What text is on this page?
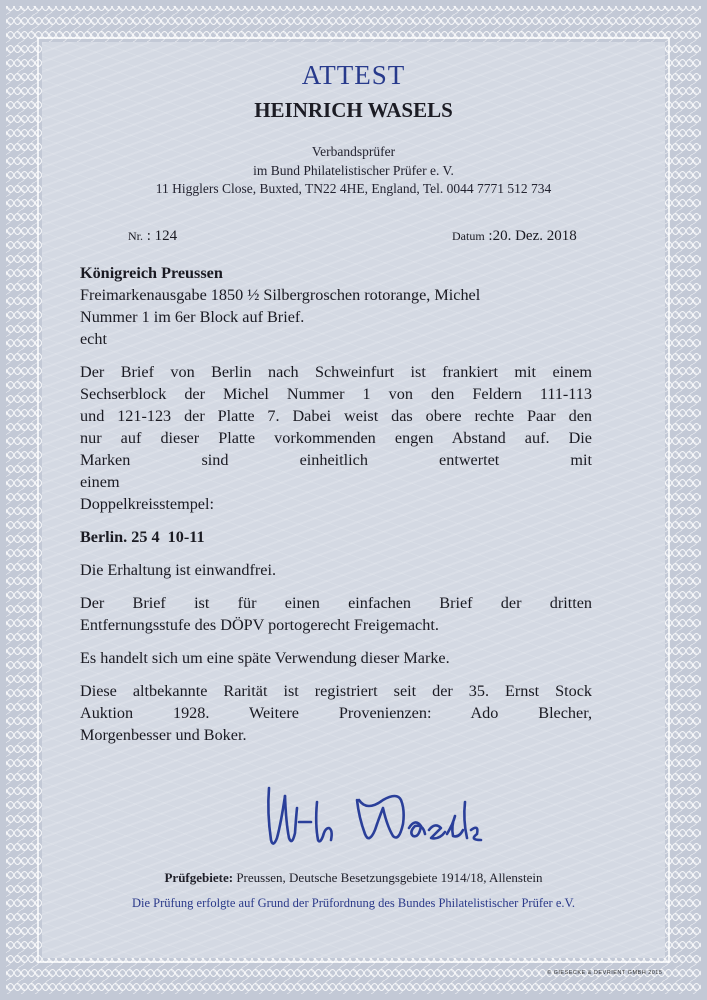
ATTEST
HEINRICH WASELS
Verbandsprüfer
im Bund Philatelistischer Prüfer e. V.
11 Higglers Close, Buxted, TN22 4HE, England, Tel. 0044 7771 512 734
Nr. : 124	Datum :20. Dez. 2018

Königreich Preussen

Freimarkenausgabe 1850 ½ Silbergroschen rotorange, Michel

Nummer 1 im 6er Block auf Brief.

echt

Der Brief von Berlin nach Schweinfurt ist frankiert mit einem

Sechserblock der Michel Nummer 1 von den Feldern 111-113

und 121-123 der Platte 7. Dabei weist das obere rechte Paar den

nur auf dieser Platte vorkommenden engen Abstand auf. Die

Marken sind einheitlich entwertet mit einem

Doppelkreisstempel:

Berlin. 25 4  10-11

Die Erhaltung ist einwandfrei.

Der Brief ist für einen einfachen Brief der dritten

Entfernungsstufe des DÖPV portogerecht Freigemacht.

Es handelt sich um eine späte Verwendung dieser Marke.

Diese altbekannte Rarität ist registriert seit der 35. Ernst Stock

Auktion 1928. Weitere Provenienzen: Ado Blecher,

Morgenbesser und Boker.

Prüfgebiete: Preussen, Deutsche Besetzungsgebiete 1914/18, Allenstein
Die Prüfung erfolgte auf Grund der Prüfordnung des Bundes Philatelistischer Prüfer e.V.
© GIESECKE & DEVRIENT GMBH 2015
